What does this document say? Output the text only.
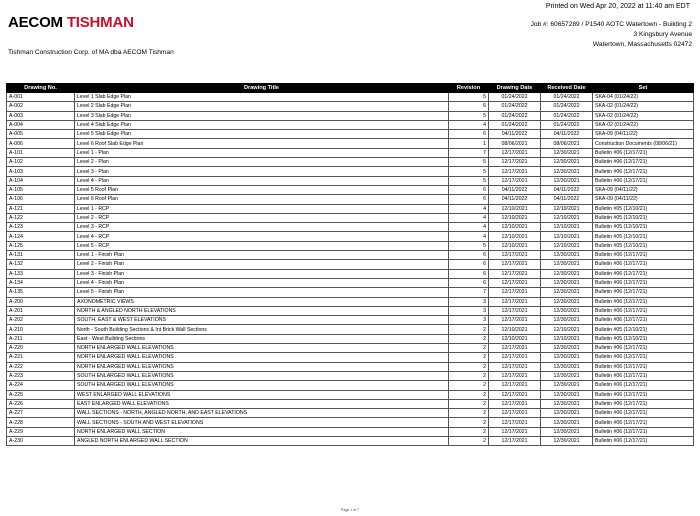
AECOM TISHMAN
Tishman Construction Corp. of MA dba AECOM Tishman
Printed on Wed Apr 20, 2022 at 11:40 am EDT
Job #: 60657289 / P1540 AOTC Watertown - Building 2
3 Kingsbury Avenue
Watertown, Massachusetts 02472
Drawing No.	Drawing Title	Revision	Drawing Date	Received Date	Set
A-001	Level 1 Slab Edge Plan	5	01/24/2022	01/24/2022	SKA-04 (01/24/22)
A-002	Level 2 Slab Edge Plan	6	01/24/2022	01/24/2022	SKA-02 (01/24/22)
A-003	Level 3 Slab Edge Plan	5	01/24/2022	01/24/2022	SKA-02 (01/24/22)
A-004	Level 4 Slab Edge Plan	4	01/24/2022	01/24/2022	SKA-02 (01/24/22)
A-005	Level 5 Slab Edge Plan	6	04/11/2022	04/11/2022	SKA-09 (04/11/22)
A-006	Level 6 Roof Slab Edge Plan	1	08/06/2021	08/06/2021	Construction Documents (08/06/21)
A-101	Level 1 - Plan	7	12/17/2021	12/30/2021	Bulletin #06 (12/17/21)
A-102	Level 2 - Plan	5	12/17/2021	12/30/2021	Bulletin #06 (12/17/21)
A-103	Level 3 - Plan	5	12/17/2021	12/30/2021	Bulletin #06 (12/17/21)
A-104	Level 4 - Plan	5	12/17/2021	12/30/2021	Bulletin #06 (12/17/21)
A-105	Level 5 Roof Plan	6	04/11/2022	04/11/2022	SKA-09 (04/11/22)
A-106	Level 6 Roof Plan	6	04/11/2022	04/11/2022	SKA-09 (04/11/22)
A-121	Level 1 - RCP	4	12/10/2021	12/10/2021	Bulletin #05 (12/10/21)
A-122	Level 2 - RCP	4	12/10/2021	12/10/2021	Bulletin #05 (12/10/21)
A-123	Level 3 - RCP	4	12/10/2021	12/10/2021	Bulletin #05 (12/10/21)
A-124	Level 4 - RCP	4	12/10/2021	12/10/2021	Bulletin #05 (12/10/21)
A-125	Level 5 - RCP	5	12/10/2021	12/10/2021	Bulletin #05 (12/10/21)
A-131	Level 1 - Finish Plan	6	12/17/2021	12/30/2021	Bulletin #06 (12/17/21)
A-132	Level 2 - Finish Plan	6	12/17/2021	12/30/2021	Bulletin #06 (12/17/21)
A-133	Level 3 - Finish Plan	6	12/17/2021	12/30/2021	Bulletin #06 (12/17/21)
A-134	Level 4 - Finish Plan	6	12/17/2021	12/30/2021	Bulletin #06 (12/17/21)
A-135	Level 5 - Finish Plan	7	12/17/2021	12/30/2021	Bulletin #06 (12/17/21)
A-200	AXONOMETRIC VIEWS	3	12/17/2021	12/30/2021	Bulletin #06 (12/17/21)
A-201	NORTH & ANGLED NORTH ELEVATIONS	3	12/17/2021	12/30/2021	Bulletin #06 (12/17/21)
A-202	SOUTH, EAST & WEST ELEVATIONS	3	12/17/2021	12/30/2021	Bulletin #06 (12/17/21)
A-210	North - South Building Sections & Int Brick Wall Sections	2	12/10/2021	12/10/2021	Bulletin #05 (12/10/21)
A-211	East - West Building Sections	2	12/10/2021	12/10/2021	Bulletin #05 (12/10/21)
A-220	NORTH ENLARGED WALL ELEVATIONS	2	12/17/2021	12/30/2021	Bulletin #06 (12/17/21)
A-221	NORTH ENLARGED WALL ELEVATIONS	2	12/17/2021	12/30/2021	Bulletin #06 (12/17/21)
A-222	NORTH ENLARGED WALL ELEVATIONS	2	12/17/2021	12/30/2021	Bulletin #06 (12/17/21)
A-223	SOUTH ENLARGED WALL ELEVATIONS	2	12/17/2021	12/30/2021	Bulletin #06 (12/17/21)
A-224	SOUTH ENLARGED WALL ELEVATIONS	2	12/17/2021	12/30/2021	Bulletin #06 (12/17/21)
A-225	WEST ENLARGED WALL ELEVATIONS	2	12/17/2021	12/30/2021	Bulletin #06 (12/17/21)
A-226	EAST ENLARGED WALL ELEVATIONS	2	12/17/2021	12/30/2021	Bulletin #06 (12/17/21)
A-227	WALL SECTIONS - NORTH, ANGLED NORTH, AND EAST ELEVATIONS	2	12/17/2021	12/30/2021	Bulletin #06 (12/17/21)
A-228	WALL SECTIONS - SOUTH AND WEST ELEVATIONS	2	12/17/2021	12/30/2021	Bulletin #06 (12/17/21)
A-229	NORTH ENLARGED WALL SECTION	2	12/17/2021	12/30/2021	Bulletin #06 (12/17/21)
A-230	ANGLED NORTH ENLARGED WALL SECTION	2	12/17/2021	12/30/2021	Bulletin #06 (12/17/21)
Page 1 of 7
